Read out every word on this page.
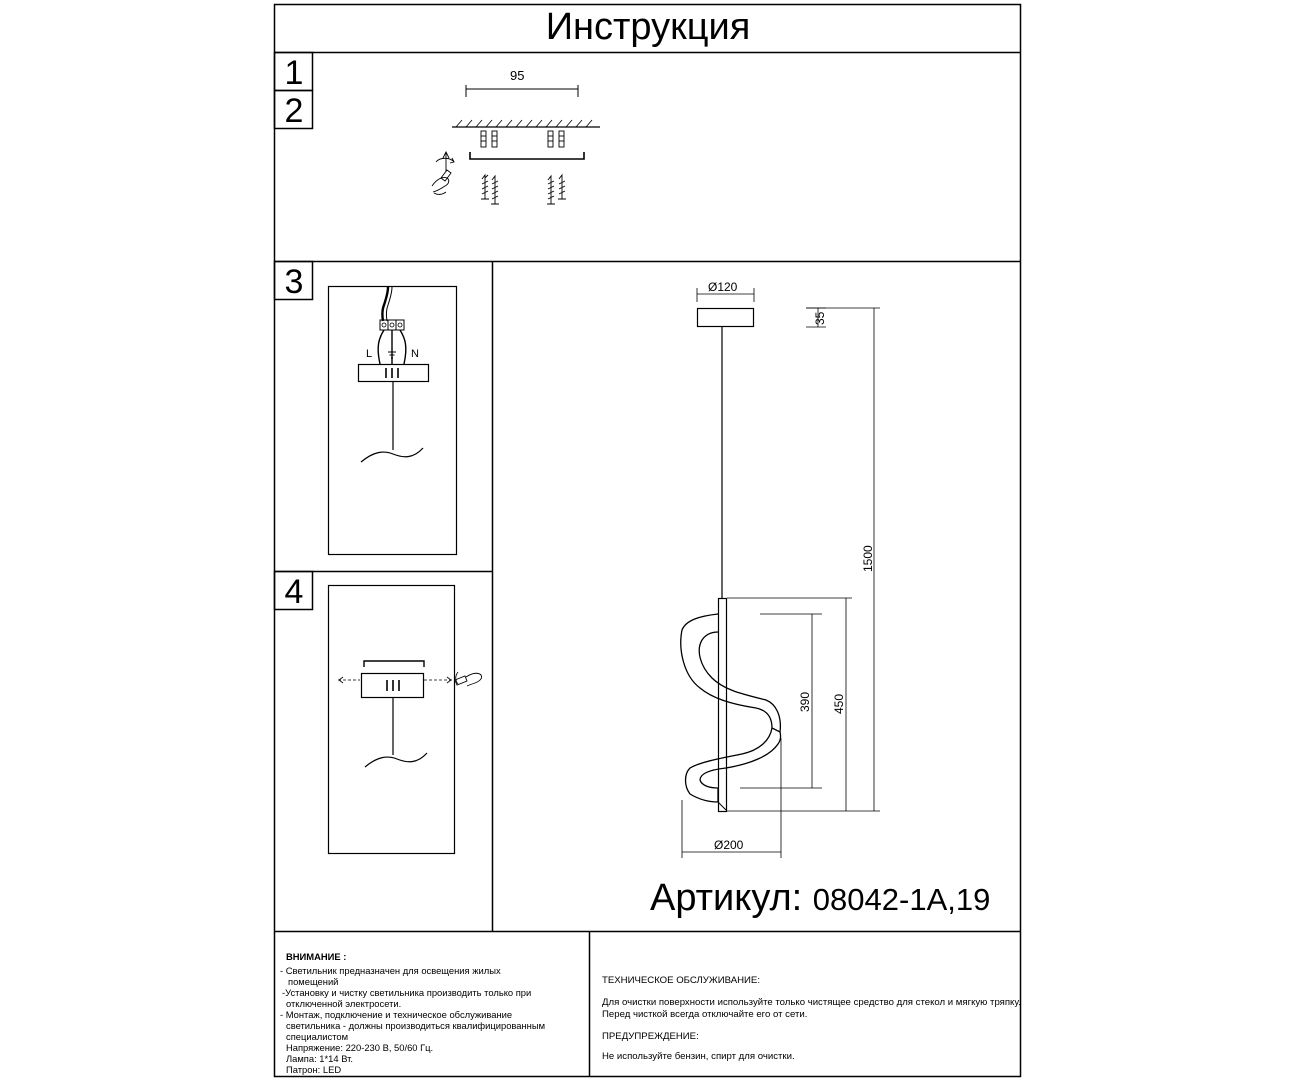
Инструкция
1
2
3
4
95
L	N
Ø120
35
1500
450
390
Ø200
Артикул: 08042-1A,19
ВНИМАНИЕ :
- Светильник предназначен для освещения жилых
помещений
-Установку и чистку светильника производить только при
отключенной электросети.
- Монтаж, подключение и техническое обслуживание
светильника - должны производиться квалифицированным
специалистом
Напряжение: 220-230 В, 50/60 Гц.
Лампа: 1*14 Вт.
Патрон: LED
ТЕХНИЧЕСКОЕ ОБСЛУЖИВАНИЕ:
Для очистки поверхности используйте только чистящее средство для стекол и мягкую тряпку.
Перед чисткой всегда отключайте его от сети.
ПРЕДУПРЕЖДЕНИЕ:
Не используйте бензин, спирт для очистки.
